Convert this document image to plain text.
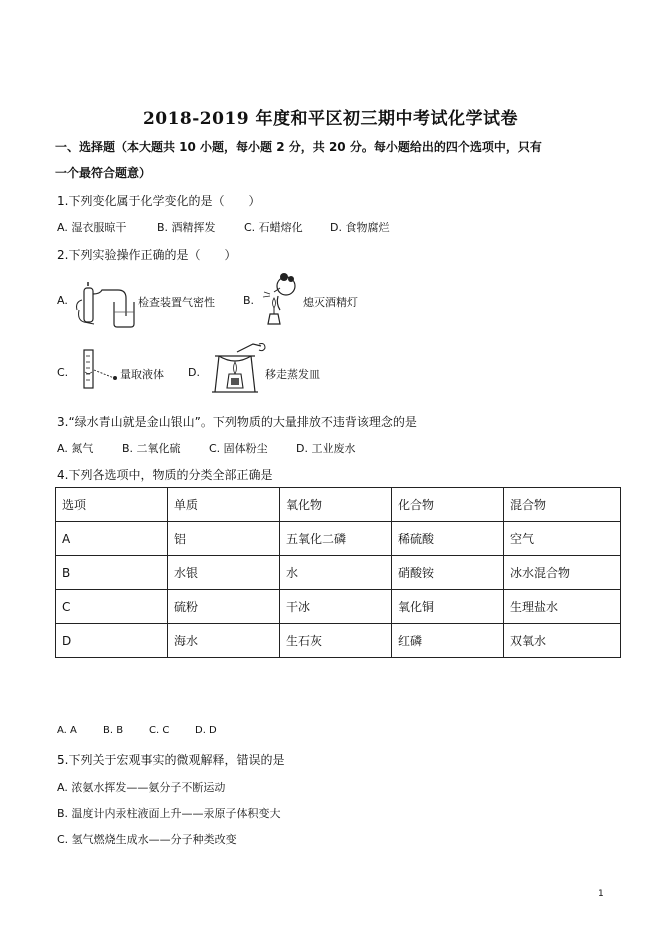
2018-2019 年度和平区初三期中考试化学试卷
一、选择题（本大题共 10 小题，每小题 2 分，共 20 分。每小题给出的四个选项中，只有
一个最符合题意）
1.下列变化属于化学变化的是（　　）
A. 湿衣服晾干	B. 酒精挥发	C. 石蜡熔化 D. 食物腐烂
2.下列实验操作正确的是（　　）
A.	检查装置气密性	B.	熄灭酒精灯
C.	量取液体 D.	移走蒸发皿
3.“绿水青山就是金山银山”。下列物质的大量排放不违背该理念的是
A. 氮气	B. 二氧化硫	C. 固体粉尘	D. 工业废水
4.下列各选项中，物质的分类全部正确是
选项	单质	氧化物	化合物	混合物
A	铝	五氧化二磷	稀硫酸	空气
B	水银	水	硝酸铵	冰水混合物
C	硫粉	干冰	氧化铜	生理盐水
D	海水	生石灰	红磷	双氧水
A. A	B. B	C. C	D. D
5.下列关于宏观事实的微观解释，错误的是
A. 浓氨水挥发——氨分子不断运动
B. 温度计内汞柱液面上升——汞原子体积变大
C. 氢气燃烧生成水——分子种类改变
1
